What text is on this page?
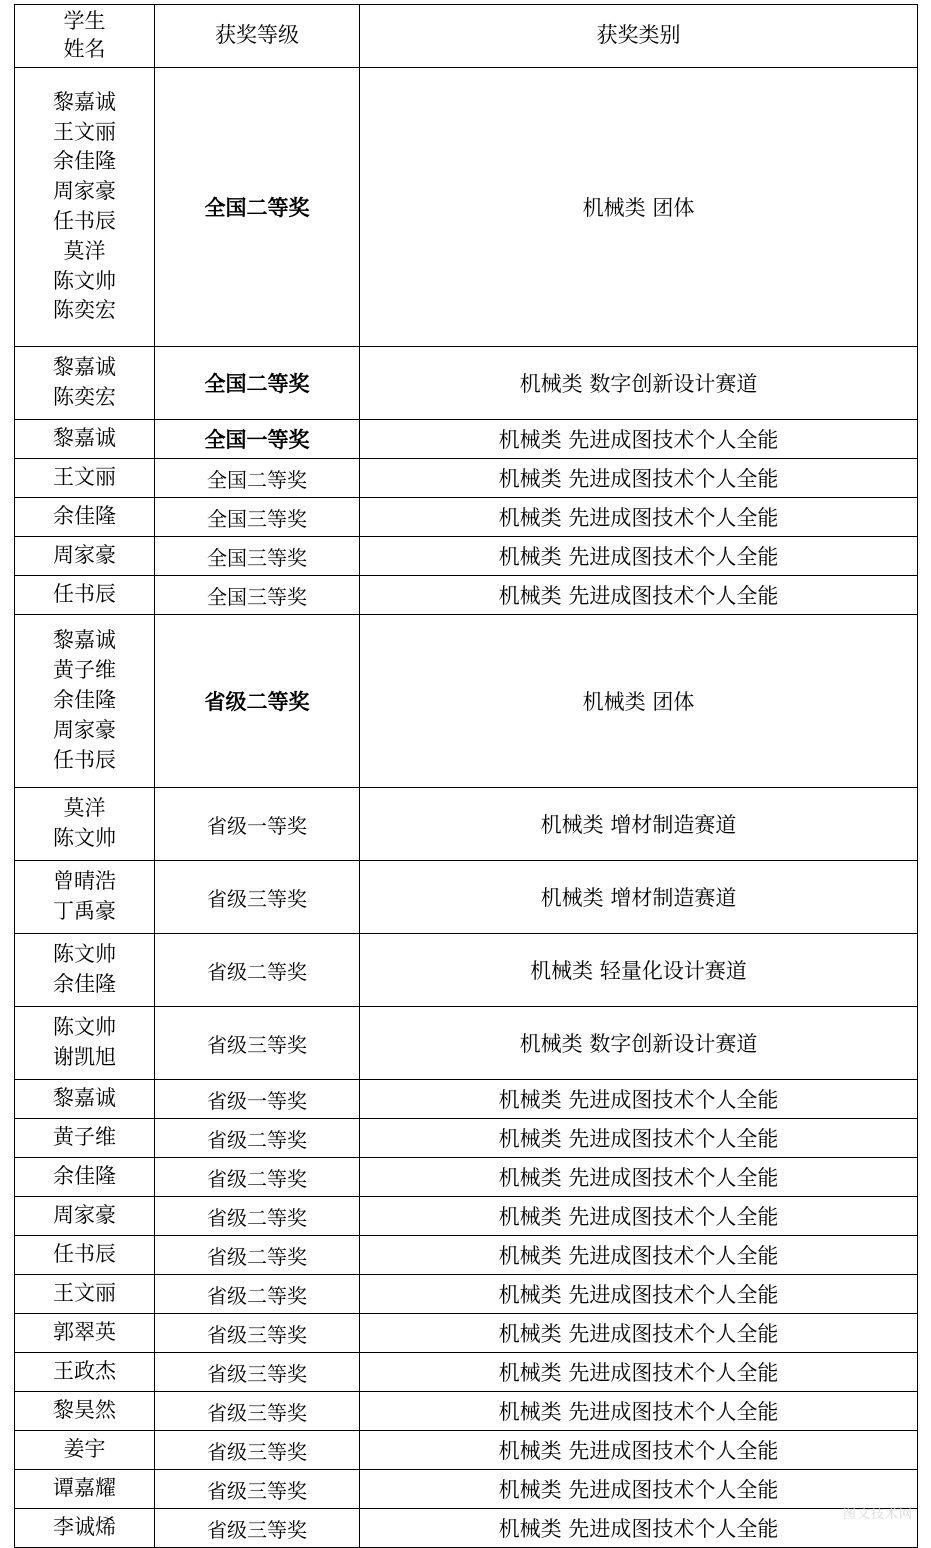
学生
姓名	获奖等级	获奖类别

黎嘉诚
王文丽
余佳隆
周家豪
任书辰
莫洋
陈文帅
陈奕宏
	全国二等奖	机械类 团体

黎嘉诚
陈奕宏	全国二等奖	机械类 数字创新设计赛道

黎嘉诚	全国一等奖	机械类 先进成图技术个人全能

王文丽	全国二等奖	机械类 先进成图技术个人全能

余佳隆	全国三等奖	机械类 先进成图技术个人全能

周家豪	全国三等奖	机械类 先进成图技术个人全能

任书辰	全国三等奖	机械类 先进成图技术个人全能

黎嘉诚
黄子维
余佳隆
周家豪
任书辰	省级二等奖	机械类 团体

莫洋
陈文帅	省级一等奖	机械类 增材制造赛道

曾晴浩
丁禹豪	省级三等奖	机械类 增材制造赛道

陈文帅
余佳隆	省级二等奖	机械类 轻量化设计赛道

陈文帅
谢凯旭	省级三等奖	机械类 数字创新设计赛道

黎嘉诚	省级一等奖	机械类 先进成图技术个人全能

黄子维	省级二等奖	机械类 先进成图技术个人全能

余佳隆	省级二等奖	机械类 先进成图技术个人全能

周家豪	省级二等奖	机械类 先进成图技术个人全能

任书辰	省级二等奖	机械类 先进成图技术个人全能

王文丽	省级二等奖	机械类 先进成图技术个人全能

郭翠英	省级三等奖	机械类 先进成图技术个人全能

王政杰	省级三等奖	机械类 先进成图技术个人全能

黎昊然	省级三等奖	机械类 先进成图技术个人全能

姜宇	省级三等奖	机械类 先进成图技术个人全能

谭嘉耀	省级三等奖	机械类 先进成图技术个人全能

李诚烯	省级三等奖	机械类 先进成图技术个人全能
图文技术网
